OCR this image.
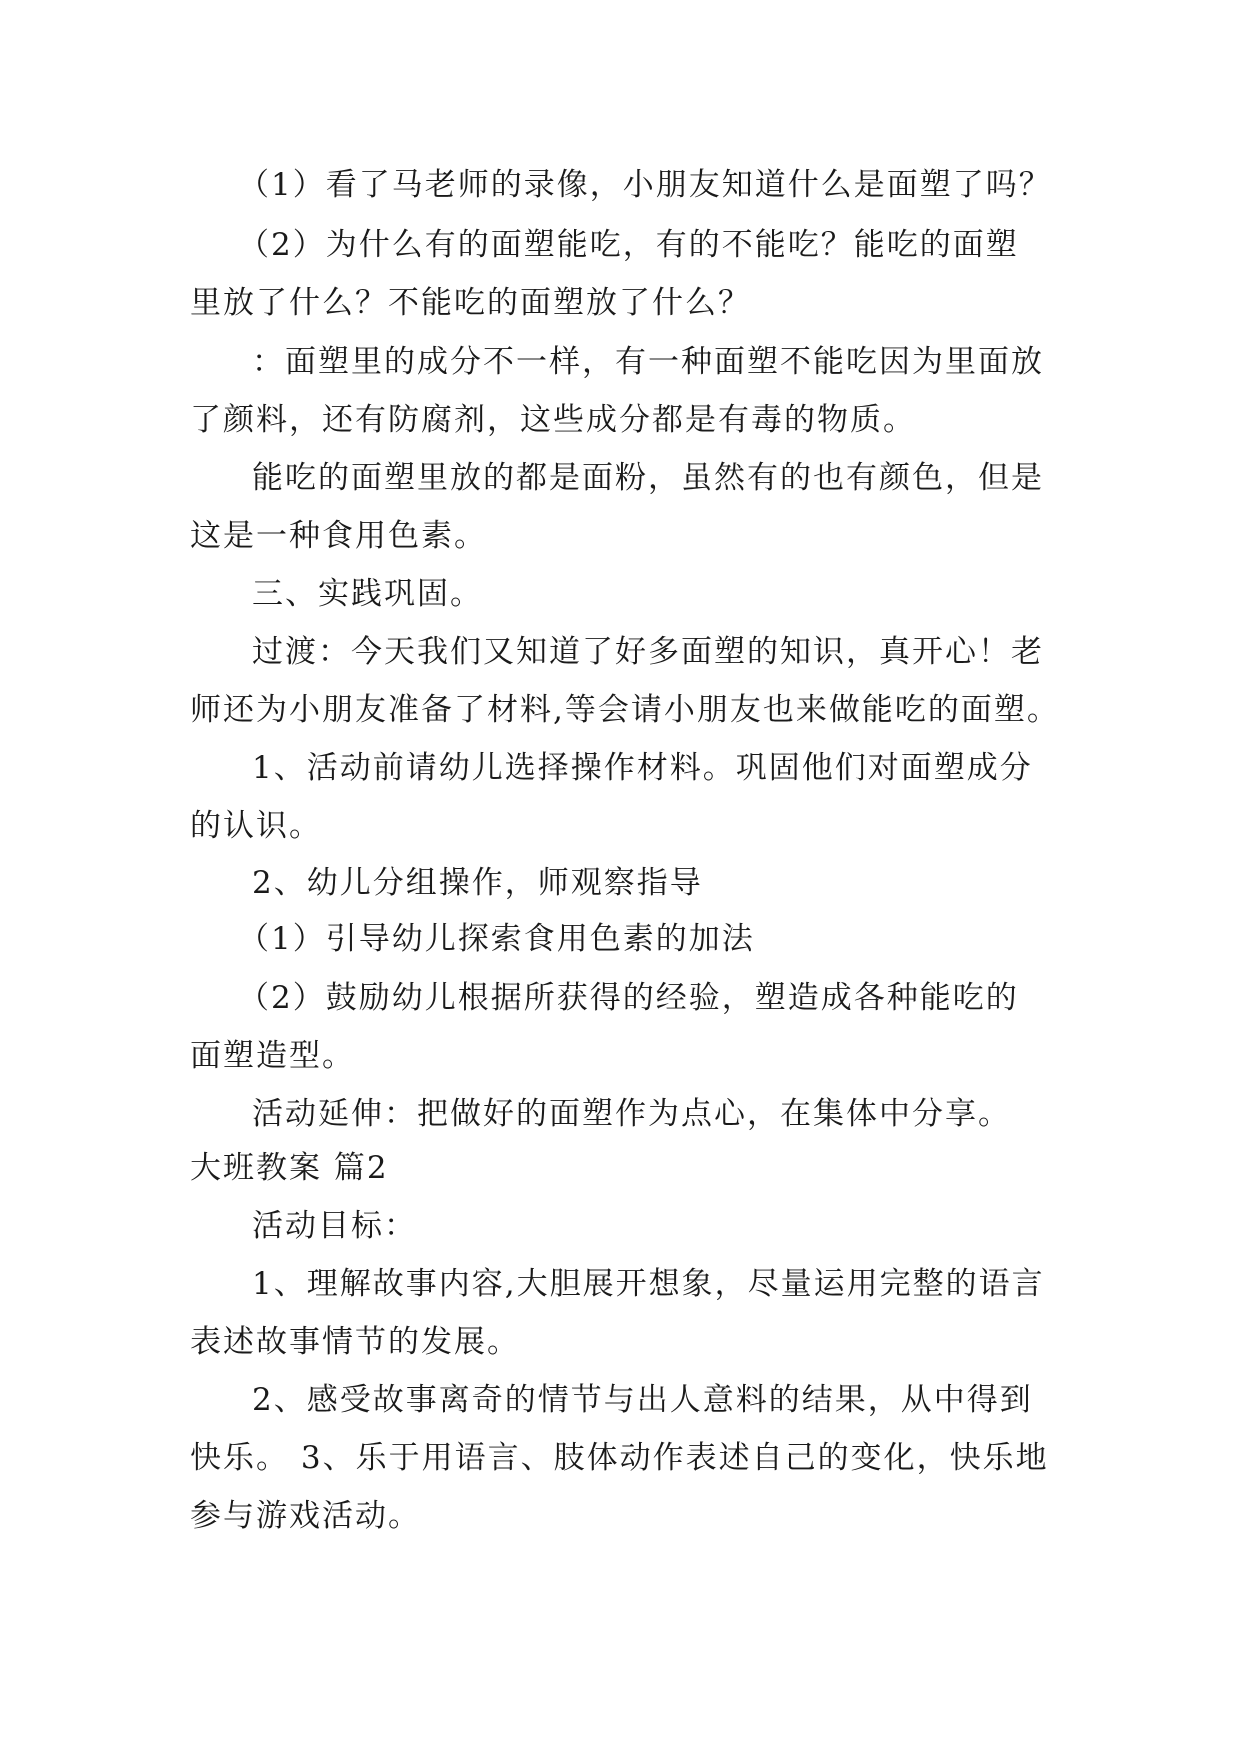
（1）看了马老师的录像，小朋友知道什么是面塑了吗？
（2）为什么有的面塑能吃，有的不能吃？能吃的面塑
里放了什么？不能吃的面塑放了什么？
：面塑里的成分不一样，有一种面塑不能吃因为里面放
了颜料，还有防腐剂，这些成分都是有毒的物质。
能吃的面塑里放的都是面粉，虽然有的也有颜色，但是
这是一种食用色素。
三、实践巩固。
过渡：今天我们又知道了好多面塑的知识，真开心！老
师还为小朋友准备了材料,等会请小朋友也来做能吃的面塑。
1、活动前请幼儿选择操作材料。巩固他们对面塑成分
的认识。
2、幼儿分组操作，师观察指导
（1）引导幼儿探索食用色素的加法
（2）鼓励幼儿根据所获得的经验，塑造成各种能吃的
面塑造型。
活动延伸：把做好的面塑作为点心，在集体中分享。
大班教案 篇2
活动目标：
1、理解故事内容,大胆展开想象，尽量运用完整的语言
表述故事情节的发展。
2、感受故事离奇的情节与出人意料的结果，从中得到
快乐。 3、乐于用语言、肢体动作表述自己的变化，快乐地
参与游戏活动。
